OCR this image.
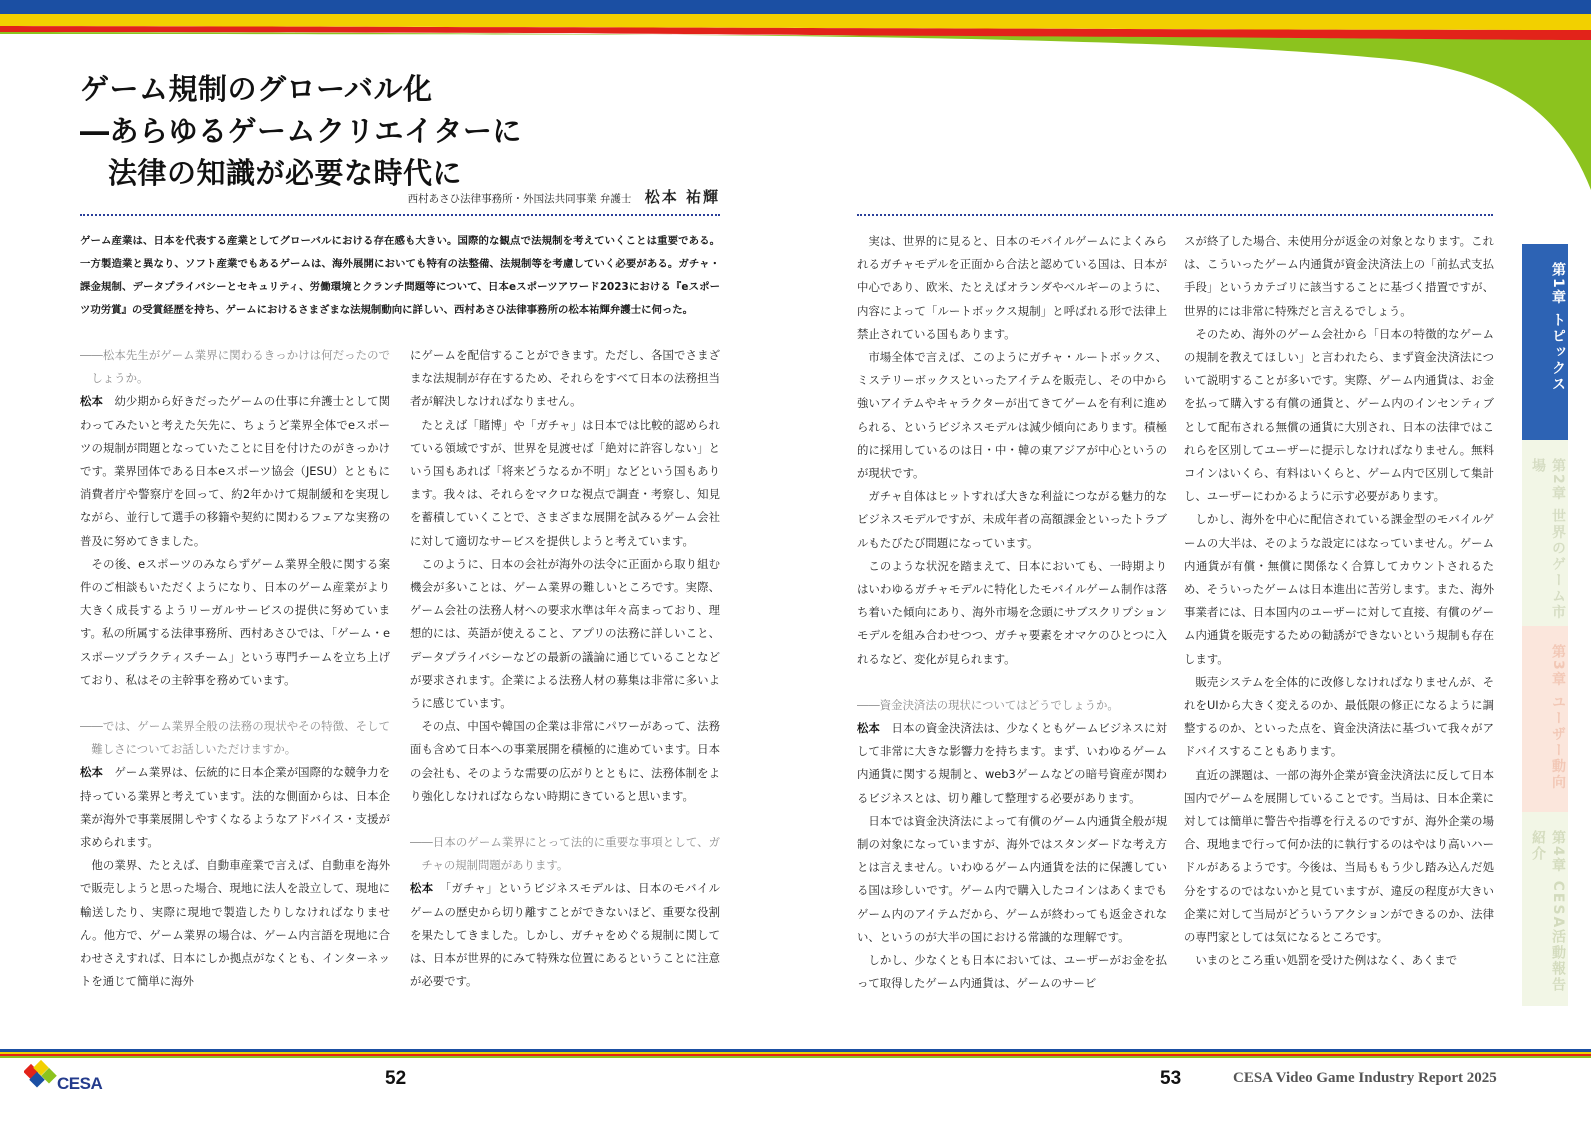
ゲーム規制のグローバル化
―あらゆるゲームクリエイターに
法律の知識が必要な時代に
西村あさひ法律事務所・外国法共同事業 弁護士 松本 祐輝
ゲーム産業は、日本を代表する産業としてグローバルにおける存在感も大きい。国際的な観点で法規制を考えていくことは重要である。一方製造業と異なり、ソフト産業でもあるゲームは、海外展開においても特有の法整備、法規制等を考慮していく必要がある。ガチャ・課金規制、データプライバシーとセキュリティ、労働環境とクランチ問題等について、日本eスポーツアワード2023における『eスポーツ功労賞』の受賞経歴を持ち、ゲームにおけるさまざまな法規制動向に詳しい、西村あさひ法律事務所の松本祐輝弁護士に伺った。

――松本先生がゲーム業界に関わるきっかけは何だったのでしょうか。

松本　 幼少期から好きだったゲームの仕事に弁護士として関わってみたいと考えた矢先に、ちょうど業界全体でeスポーツの規制が問題となっていたことに目を付けたのがきっかけです。業界団体である日本eスポーツ協会（JESU）とともに消費者庁や警察庁を回って、約2年かけて規制緩和を実現しながら、並行して選手の移籍や契約に関わるフェアな実務の普及に努めてきました。

その後、eスポーツのみならずゲーム業界全般に関する案件のご相談もいただくようになり、日本のゲーム産業がより大きく成長するようリーガルサービスの提供に努めています。私の所属する法律事務所、西村あさひでは、「ゲーム・eスポーツプラクティスチーム」という専門チームを立ち上げており、私はその主幹事を務めています。

――では、ゲーム業界全般の法務の現状やその特徴、そして難しさについてお話しいただけますか。

松本　 ゲーム業界は、伝統的に日本企業が国際的な競争力を持っている業界と考えています。法的な側面からは、日本企業が海外で事業展開しやすくなるようなアドバイス・支援が求められます。

他の業界、たとえば、自動車産業で言えば、自動車を海外で販売しようと思った場合、現地に法人を設立して、現地に輸送したり、実際に現地で製造したりしなければなりません。他方で、ゲーム業界の場合は、ゲーム内言語を現地に合わせさえすれば、日本にしか拠点がなくとも、インターネットを通じて簡単に海外

にゲームを配信することができます。ただし、各国でさまざまな法規制が存在するため、それらをすべて日本の法務担当者が解決しなければなりません。

たとえば「賭博」や「ガチャ」は日本では比較的認められている領域ですが、世界を見渡せば「絶対に許容しない」という国もあれば「将来どうなるか不明」などという国もあります。我々は、それらをマクロな視点で調査・考察し、知見を蓄積していくことで、さまざまな展開を試みるゲーム会社に対して適切なサービスを提供しようと考えています。

このように、日本の会社が海外の法令に正面から取り組む機会が多いことは、ゲーム業界の難しいところです。実際、ゲーム会社の法務人材への要求水準は年々高まっており、理想的には、英語が使えること、アプリの法務に詳しいこと、データプライバシーなどの最新の議論に通じていることなどが要求されます。企業による法務人材の募集は非常に多いように感じています。

その点、中国や韓国の企業は非常にパワーがあって、法務面も含めて日本への事業展開を積極的に進めています。日本の会社も、そのような需要の広がりとともに、法務体制をより強化しなければならない時期にきていると思います。

――日本のゲーム業界にとって法的に重要な事項として、ガチャの規制問題があります。

松本　 「ガチャ」というビジネスモデルは、日本のモバイルゲームの歴史から切り離すことができないほど、重要な役割を果たしてきました。しかし、ガチャをめぐる規制に関しては、日本が世界的にみて特殊な位置にあるということに注意が必要です。

実は、世界的に見ると、日本のモバイルゲームによくみられるガチャモデルを正面から合法と認めている国は、日本が中心であり、欧米、たとえばオランダやベルギーのように、内容によって「ルートボックス規制」と呼ばれる形で法律上禁止されている国もあります。

市場全体で言えば、このようにガチャ・ルートボックス、ミステリーボックスといったアイテムを販売し、その中から強いアイテムやキャラクターが出てきてゲームを有利に進められる、というビジネスモデルは減少傾向にあります。積極的に採用しているのは日・中・韓の東アジアが中心というのが現状です。

ガチャ自体はヒットすれば大きな利益につながる魅力的なビジネスモデルですが、未成年者の高額課金といったトラブルもたびたび問題になっています。

このような状況を踏まえて、日本においても、一時期よりはいわゆるガチャモデルに特化したモバイルゲーム制作は落ち着いた傾向にあり、海外市場を念頭にサブスクリプションモデルを組み合わせつつ、ガチャ要素をオマケのひとつに入れるなど、変化が見られます。

――資金決済法の現状についてはどうでしょうか。

松本　 日本の資金決済法は、少なくともゲームビジネスに対して非常に大きな影響力を持ちます。まず、いわゆるゲーム内通貨に関する規制と、web3ゲームなどの暗号資産が関わるビジネスとは、切り離して整理する必要があります。

日本では資金決済法によって有償のゲーム内通貨全般が規制の対象になっていますが、海外ではスタンダードな考え方とは言えません。いわゆるゲーム内通貨を法的に保護している国は珍しいです。ゲーム内で購入したコインはあくまでもゲーム内のアイテムだから、ゲームが終わっても返金されない、というのが大半の国における常識的な理解です。

しかし、少なくとも日本においては、ユーザーがお金を払って取得したゲーム内通貨は、ゲームのサービ

スが終了した場合、未使用分が返金の対象となります。これは、こういったゲーム内通貨が資金決済法上の「前払式支払手段」というカテゴリに該当することに基づく措置ですが、世界的には非常に特殊だと言えるでしょう。

そのため、海外のゲーム会社から「日本の特徴的なゲームの規制を教えてほしい」と言われたら、まず資金決済法について説明することが多いです。実際、ゲーム内通貨は、お金を払って購入する有償の通貨と、ゲーム内のインセンティブとして配布される無償の通貨に大別され、日本の法律ではこれらを区別してユーザーに提示しなければなりません。無料コインはいくら、有料はいくらと、ゲーム内で区別して集計し、ユーザーにわかるように示す必要があります。

しかし、海外を中心に配信されている課金型のモバイルゲームの大半は、そのような設定にはなっていません。ゲーム内通貨が有償・無償に関係なく合算してカウントされるため、そういったゲームは日本進出に苦労します。また、海外事業者には、日本国内のユーザーに対して直接、有償のゲーム内通貨を販売するための勧誘ができないという規制も存在します。

販売システムを全体的に改修しなければなりませんが、それをUIから大きく変えるのか、最低限の修正になるように調整するのか、といった点を、資金決済法に基づいて我々がアドバイスすることもあります。

直近の課題は、一部の海外企業が資金決済法に反して日本国内でゲームを展開していることです。当局は、日本企業に対しては簡単に警告や指導を行えるのですが、海外企業の場合、現地まで行って何か法的に執行するのはやはり高いハードルがあるようです。今後は、当局ももう少し踏み込んだ処分をするのではないかと見ていますが、違反の程度が大きい企業に対して当局がどういうアクションができるのか、法律の専門家としては気になるところです。

いまのところ重い処罰を受けた例はなく、あくまで

第1章 トピックス
第2章 世界のゲーム市場
第3章 ユーザー動向
第4章 CESA活動報告紹介
CESA	52	53	CESA Video Game Industry Report 2025
